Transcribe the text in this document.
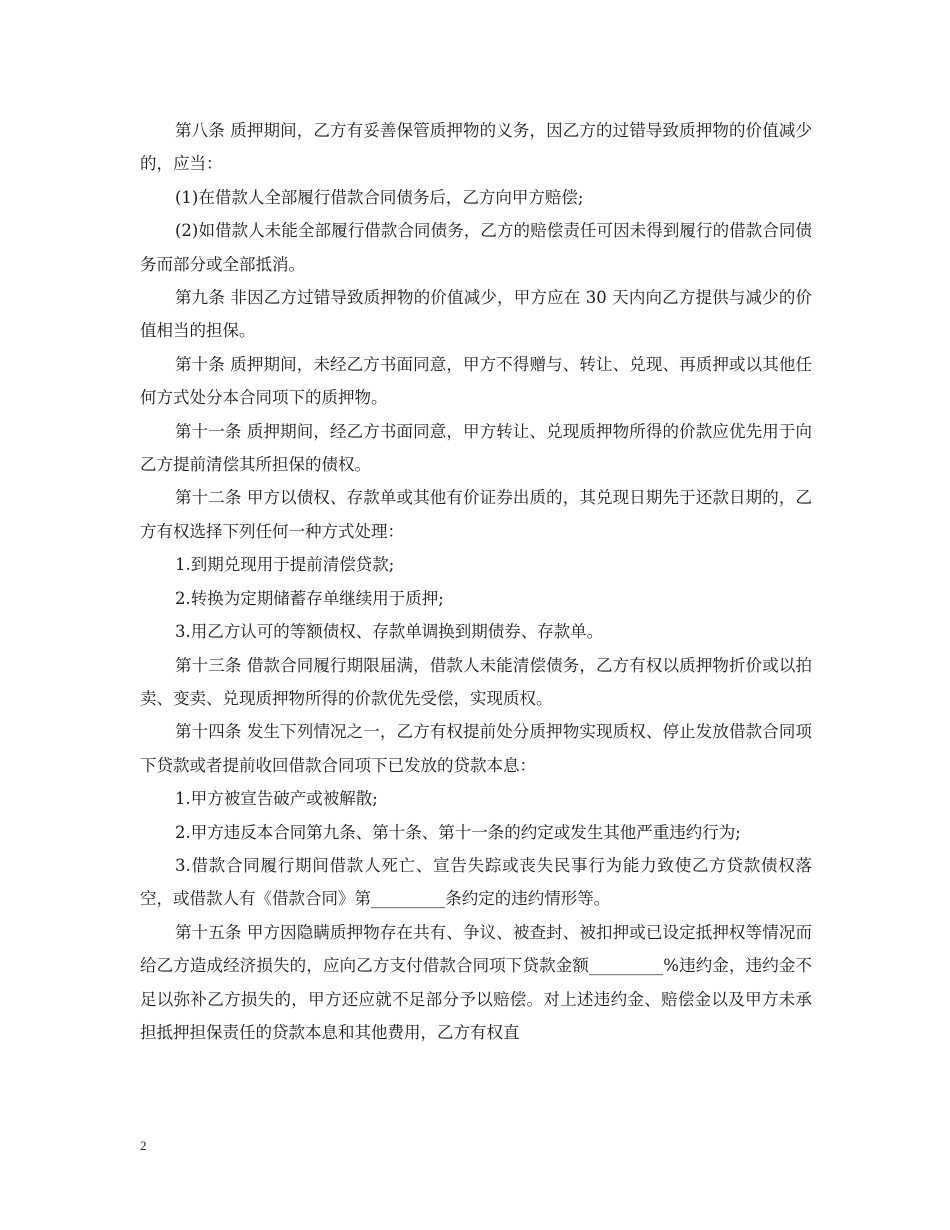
第八条 质押期间，乙方有妥善保管质押物的义务，因乙方的过错导致质押物的价值减少的，应当：

(1)在借款人全部履行借款合同债务后，乙方向甲方赔偿;

(2)如借款人未能全部履行借款合同债务，乙方的赔偿责任可因未得到履行的借款合同债务而部分或全部抵消。

第九条 非因乙方过错导致质押物的价值减少，甲方应在 30 天内向乙方提供与减少的价值相当的担保。

第十条 质押期间，未经乙方书面同意，甲方不得赠与、转让、兑现、再质押或以其他任何方式处分本合同项下的质押物。

第十一条 质押期间，经乙方书面同意，甲方转让、兑现质押物所得的价款应优先用于向乙方提前清偿其所担保的债权。

第十二条 甲方以债权、存款单或其他有价证券出质的，其兑现日期先于还款日期的，乙方有权选择下列任何一种方式处理：

1.到期兑现用于提前清偿贷款;

2.转换为定期储蓄存单继续用于质押;

3.用乙方认可的等额债权、存款单调换到期债券、存款单。

第十三条 借款合同履行期限届满，借款人未能清偿债务，乙方有权以质押物折价或以拍卖、变卖、兑现质押物所得的价款优先受偿，实现质权。

第十四条 发生下列情况之一，乙方有权提前处分质押物实现质权、停止发放借款合同项下贷款或者提前收回借款合同项下已发放的贷款本息：

1.甲方被宣告破产或被解散;

2.甲方违反本合同第九条、第十条、第十一条的约定或发生其他严重违约行为;

3.借款合同履行期间借款人死亡、宣告失踪或丧失民事行为能力致使乙方贷款债权落空，或借款人有《借款合同》第_________条约定的违约情形等。

第十五条 甲方因隐瞒质押物存在共有、争议、被查封、被扣押或已设定抵押权等情况而给乙方造成经济损失的，应向乙方支付借款合同项下贷款金额_________%违约金，违约金不足以弥补乙方损失的，甲方还应就不足部分予以赔偿。对上述违约金、赔偿金以及甲方未承担抵押担保责任的贷款本息和其他费用，乙方有权直

2
